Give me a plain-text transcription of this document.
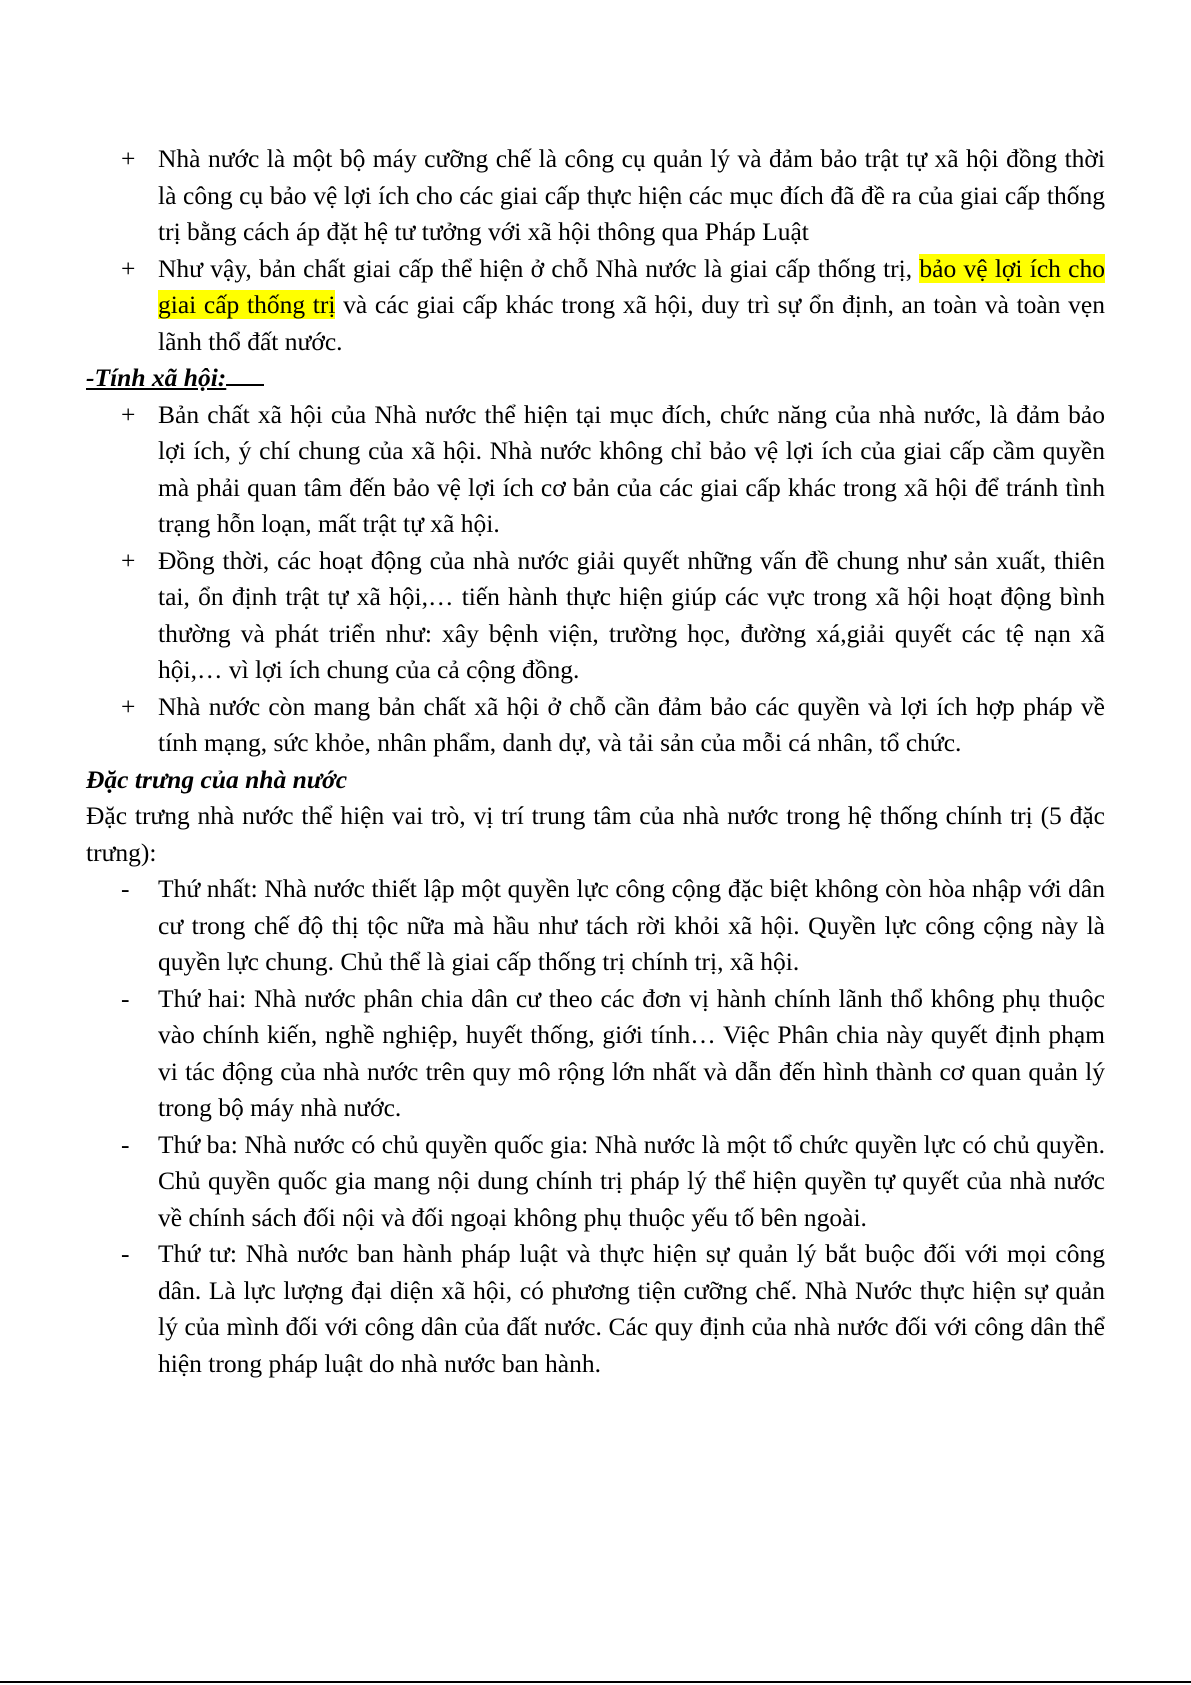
+ Nhà nước là một bộ máy cưỡng chế là công cụ quản lý và đảm bảo trật tự xã hội đồng thời là công cụ bảo vệ lợi ích cho các giai cấp thực hiện các mục đích đã đề ra của giai cấp thống trị bằng cách áp đặt hệ tư tưởng với xã hội thông qua Pháp Luật
+ Như vậy, bản chất giai cấp thể hiện ở chỗ Nhà nước là giai cấp thống trị, bảo vệ lợi ích cho giai cấp thống trị và các giai cấp khác trong xã hội, duy trì sự ổn định, an toàn và toàn vẹn lãnh thổ đất nước.
-Tính xã hội:
+ Bản chất xã hội của Nhà nước thể hiện tại mục đích, chức năng của nhà nước, là đảm bảo lợi ích, ý chí chung của xã hội. Nhà nước không chỉ bảo vệ lợi ích của giai cấp cầm quyền mà phải quan tâm đến bảo vệ lợi ích cơ bản của các giai cấp khác trong xã hội để tránh tình trạng hỗn loạn, mất trật tự xã hội.
+ Đồng thời, các hoạt động của nhà nước giải quyết những vấn đề chung như sản xuất, thiên tai, ổn định trật tự xã hội,… tiến hành thực hiện giúp các vực trong xã hội hoạt động bình thường và phát triển như: xây bệnh viện, trường học, đường xá,giải quyết các tệ nạn xã hội,… vì lợi ích chung của cả cộng đồng.
+ Nhà nước còn mang bản chất xã hội ở chỗ cần đảm bảo các quyền và lợi ích hợp pháp về tính mạng, sức khỏe, nhân phẩm, danh dự, và tải sản của mỗi cá nhân, tổ chức.
Đặc trưng của nhà nước
Đặc trưng nhà nước thể hiện vai trò, vị trí trung tâm của nhà nước trong hệ thống chính trị (5 đặc trưng):
- Thứ nhất: Nhà nước thiết lập một quyền lực công cộng đặc biệt không còn hòa nhập với dân cư trong chế độ thị tộc nữa mà hầu như tách rời khỏi xã hội. Quyền lực công cộng này là quyền lực chung. Chủ thể là giai cấp thống trị chính trị, xã hội.
- Thứ hai: Nhà nước phân chia dân cư theo các đơn vị hành chính lãnh thổ không phụ thuộc vào chính kiến, nghề nghiệp, huyết thống, giới tính… Việc Phân chia này quyết định phạm vi tác động của nhà nước trên quy mô rộng lớn nhất và dẫn đến hình thành cơ quan quản lý trong bộ máy nhà nước.
- Thứ ba: Nhà nước có chủ quyền quốc gia: Nhà nước là một tổ chức quyền lực có chủ quyền. Chủ quyền quốc gia mang nội dung chính trị pháp lý thể hiện quyền tự quyết của nhà nước về chính sách đối nội và đối ngoại không phụ thuộc yếu tố bên ngoài.
- Thứ tư: Nhà nước ban hành pháp luật và thực hiện sự quản lý bắt buộc đối với mọi công dân. Là lực lượng đại diện xã hội, có phương tiện cưỡng chế. Nhà Nước thực hiện sự quản lý của mình đối với công dân của đất nước. Các quy định của nhà nước đối với công dân thể hiện trong pháp luật do nhà nước ban hành.
